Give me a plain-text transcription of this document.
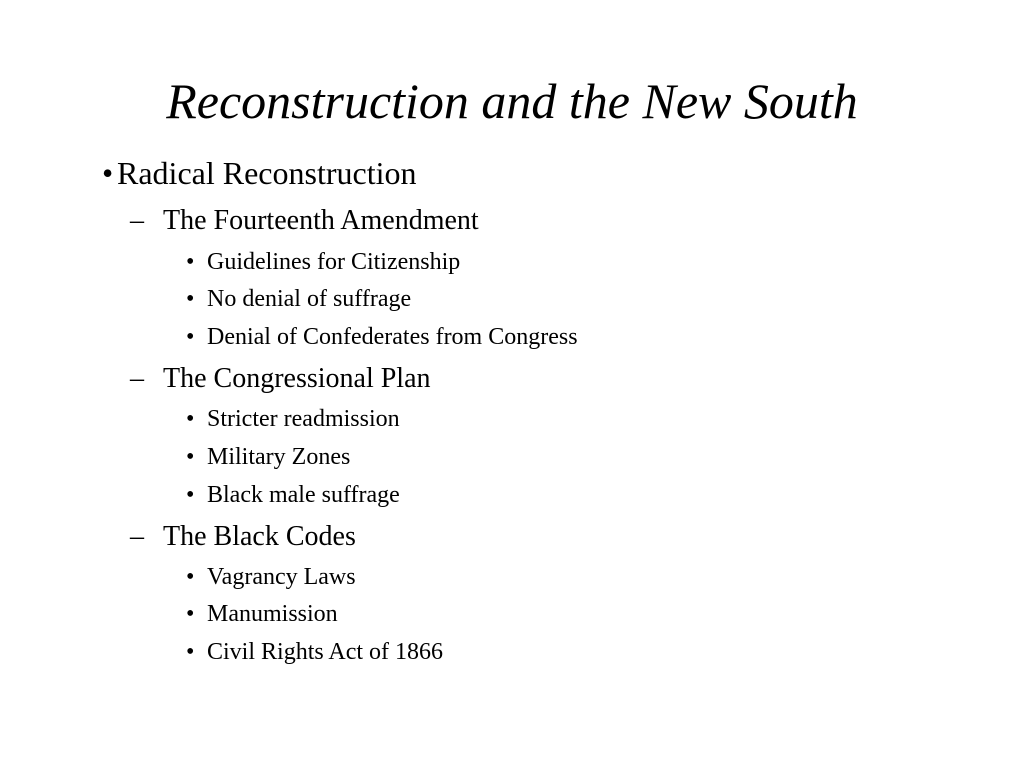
Reconstruction and the New South
• Radical Reconstruction
– The Fourteenth Amendment
• Guidelines for Citizenship
• No denial of suffrage
• Denial of Confederates from Congress
– The Congressional Plan
• Stricter readmission
• Military Zones
• Black male suffrage
– The Black Codes
• Vagrancy Laws
• Manumission
• Civil Rights Act of 1866
